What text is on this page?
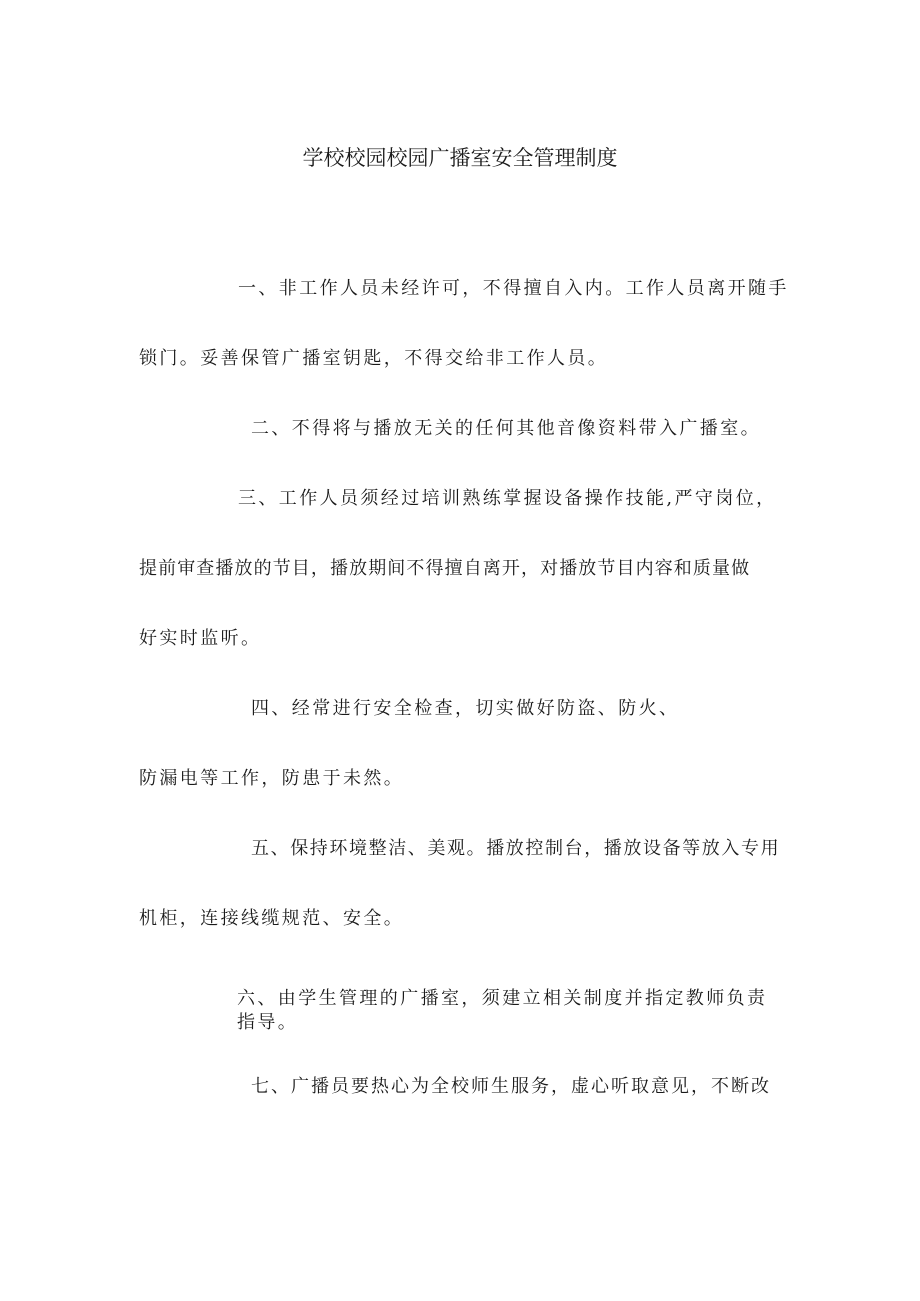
学校校园校园广播室安全管理制度
一、非工作人员未经许可，不得擅自入内。工作人员离开随手
锁门。妥善保管广播室钥匙，不得交给非工作人员。
二、不得将与播放无关的任何其他音像资料带入广播室。
三、工作人员须经过培训熟练掌握设备操作技能,严守岗位，
提前审查播放的节目，播放期间不得擅自离开，对播放节目内容和质量做
好实时监听。
四、经常进行安全检查，切实做好防盗、防火、
防漏电等工作，防患于未然。
五、保持环境整洁、美观。播放控制台，播放设备等放入专用
机柜，连接线缆规范、安全。
六、由学生管理的广播室，须建立相关制度并指定教师负责指导。
七、广播员要热心为全校师生服务，虚心听取意见，不断改
